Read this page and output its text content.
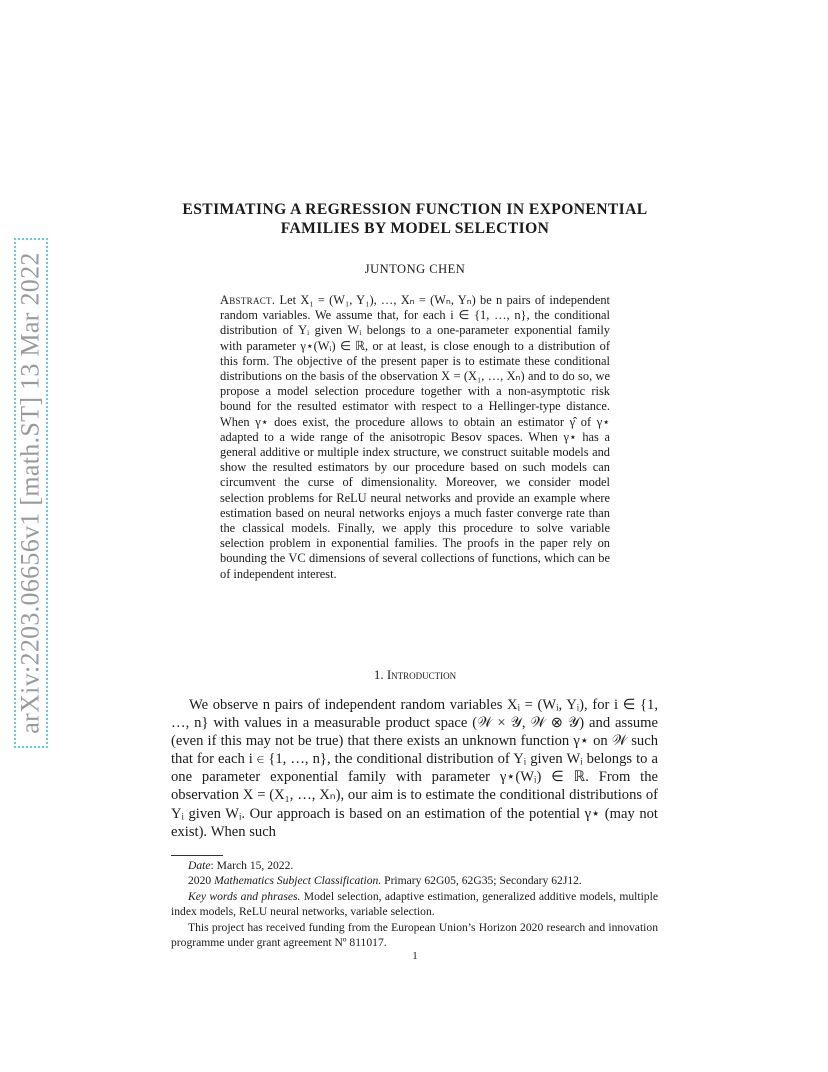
arXiv:2203.06656v1 [math.ST] 13 Mar 2022
ESTIMATING A REGRESSION FUNCTION IN EXPONENTIAL FAMILIES BY MODEL SELECTION
JUNTONG CHEN
Abstract. Let X₁ = (W₁, Y₁), …, Xₙ = (Wₙ, Yₙ) be n pairs of independent random variables. We assume that, for each i ∈ {1, …, n}, the conditional distribution of Yᵢ given Wᵢ belongs to a one-parameter exponential family with parameter γ⋆(Wᵢ) ∈ ℝ, or at least, is close enough to a distribution of this form. The objective of the present paper is to estimate these conditional distributions on the basis of the observation X = (X₁, …, Xₙ) and to do so, we propose a model selection procedure together with a non-asymptotic risk bound for the resulted estimator with respect to a Hellinger-type distance. When γ⋆ does exist, the procedure allows to obtain an estimator γ̂ of γ⋆ adapted to a wide range of the anisotropic Besov spaces. When γ⋆ has a general additive or multiple index structure, we construct suitable models and show the resulted estimators by our procedure based on such models can circumvent the curse of dimensionality. Moreover, we consider model selection problems for ReLU neural networks and provide an example where estimation based on neural networks enjoys a much faster converge rate than the classical models. Finally, we apply this procedure to solve variable selection problem in exponential families. The proofs in the paper rely on bounding the VC dimensions of several collections of functions, which can be of independent interest.
1. Introduction
We observe n pairs of independent random variables Xᵢ = (Wᵢ, Yᵢ), for i ∈ {1, …, n} with values in a measurable product space (𝒲 × 𝒴, 𝒲 ⊗ 𝒴) and assume (even if this may not be true) that there exists an unknown function γ⋆ on 𝒲 such that for each i ∈ {1, …, n}, the conditional distribution of Yᵢ given Wᵢ belongs to a one parameter exponential family with parameter γ⋆(Wᵢ) ∈ ℝ. From the observation X = (X₁, …, Xₙ), our aim is to estimate the conditional distributions of Yᵢ given Wᵢ. Our approach is based on an estimation of the potential γ⋆ (may not exist). When such

Date: March 15, 2022.

2020 Mathematics Subject Classification. Primary 62G05, 62G35; Secondary 62J12.

Key words and phrases. Model selection, adaptive estimation, generalized additive models, multiple index models, ReLU neural networks, variable selection.

This project has received funding from the European Union’s Horizon 2020 research and innovation programme under grant agreement Nº 811017.

1
